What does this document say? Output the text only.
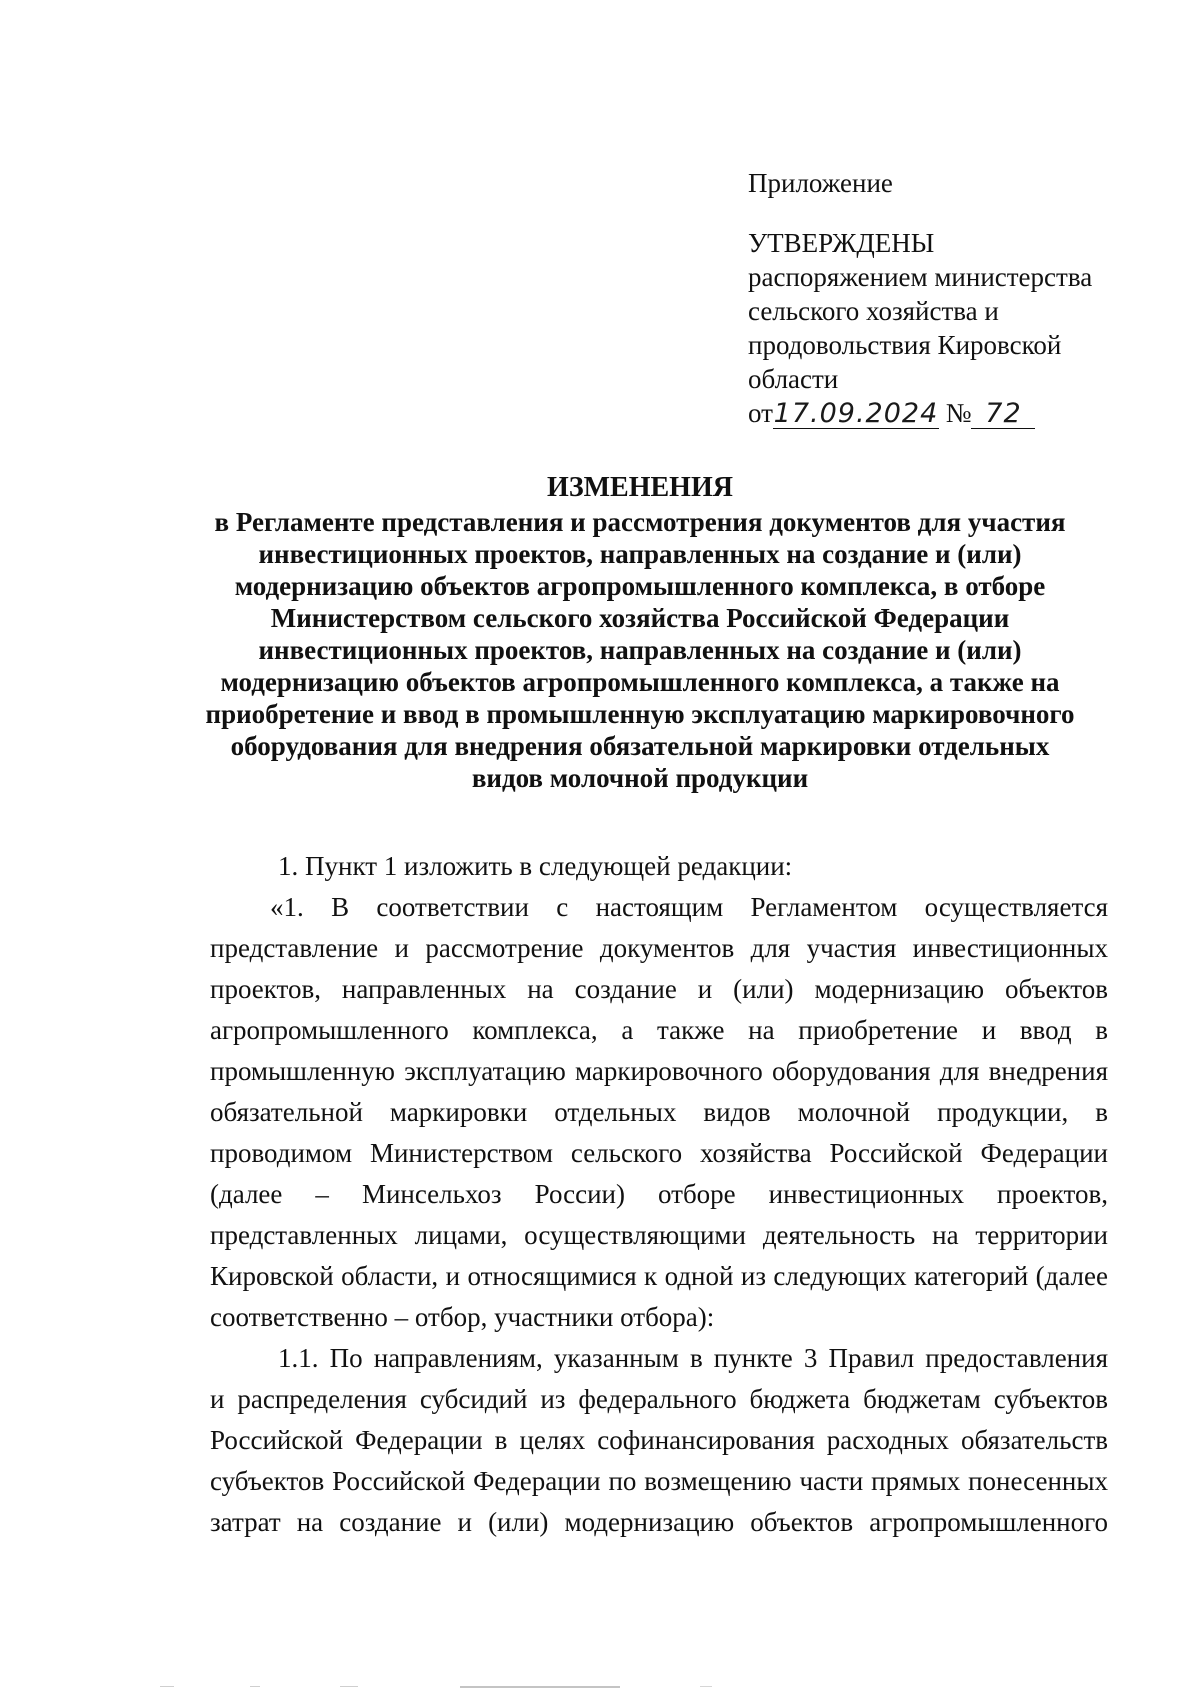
Приложение
УТВЕРЖДЕНЫ
распоряжением министерства
сельского хозяйства и
продовольствия Кировской
области
от17.09.2024 № 72
ИЗМЕНЕНИЯ
в Регламенте представления и рассмотрения документов для участия
инвестиционных проектов, направленных на создание и (или)
модернизацию объектов агропромышленного комплекса, в отборе
Министерством сельского хозяйства Российской Федерации
инвестиционных проектов, направленных на создание и (или)
модернизацию объектов агропромышленного комплекса, а также на
приобретение и ввод в промышленную эксплуатацию маркировочного
оборудования для внедрения обязательной маркировки отдельных
видов молочной продукции
1. Пункт 1 изложить в следующей редакции:
«1. В соответствии с настоящим Регламентом осуществляется
представление и рассмотрение документов для участия инвестиционных
проектов, направленных на создание и (или) модернизацию объектов
агропромышленного комплекса, а также на приобретение и ввод в
промышленную эксплуатацию маркировочного оборудования для внедрения
обязательной маркировки отдельных видов молочной продукции, в
проводимом Министерством сельского хозяйства Российской Федерации
(далее – Минсельхоз России) отборе инвестиционных проектов,
представленных лицами, осуществляющими деятельность на территории
Кировской области, и относящимися к одной из следующих категорий (далее
соответственно – отбор, участники отбора):
1.1. По направлениям, указанным в пункте 3 Правил предоставления
и распределения субсидий из федерального бюджета бюджетам субъектов
Российской Федерации в целях софинансирования расходных обязательств
субъектов Российской Федерации по возмещению части прямых понесенных
затрат на создание и (или) модернизацию объектов агропромышленного
